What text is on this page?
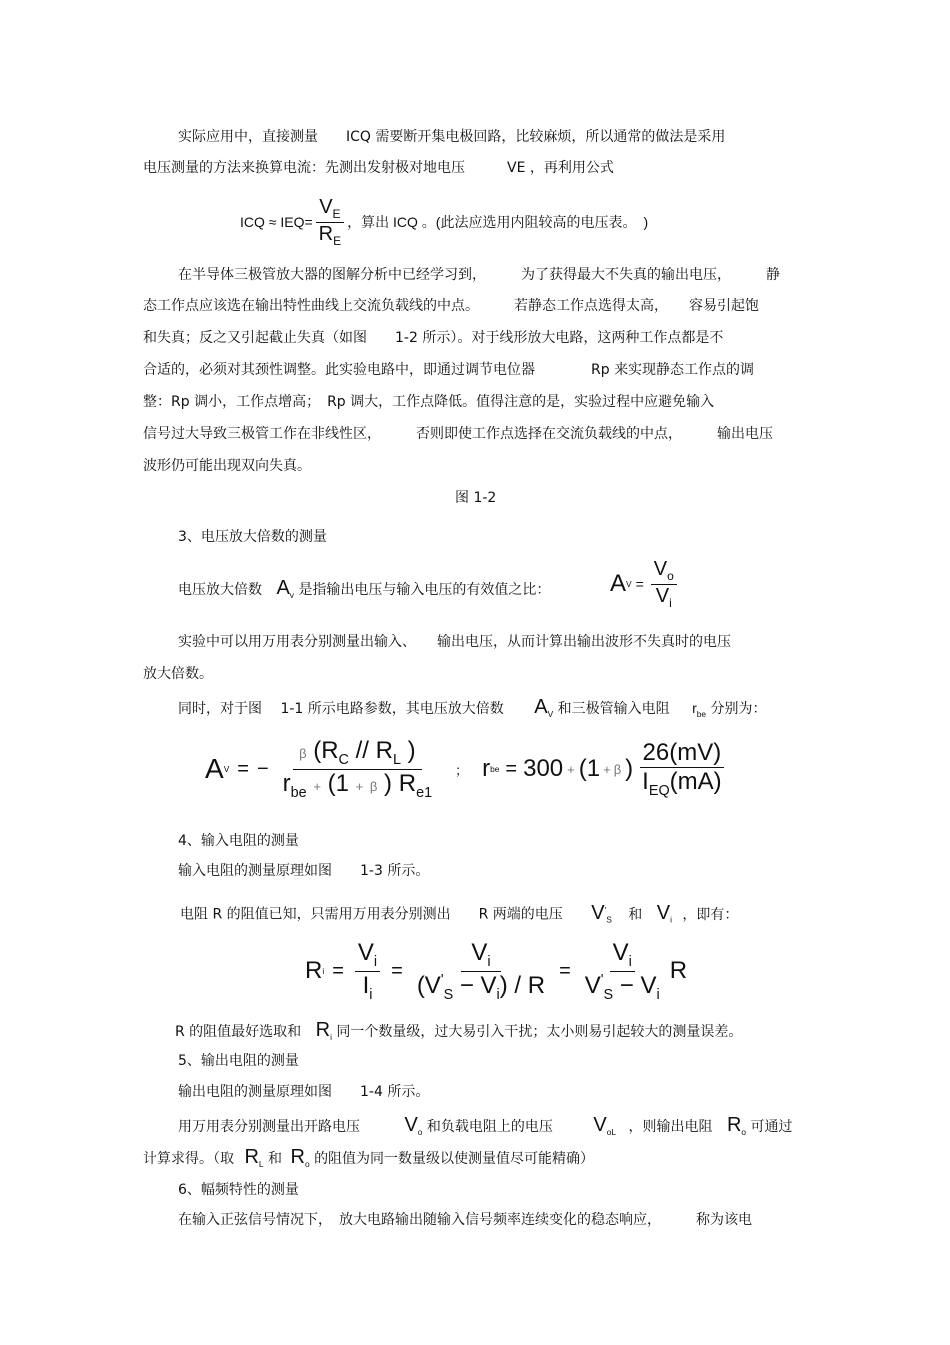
实际应用中，直接测量　　ICQ 需要断开集电极回路，比较麻烦，所以通常的做法是采用
电压测量的方法来换算电流：先测出发射极对地电压　　　VE ，再利用公式
ICQ ≈ $IEQ= \frac{V_E}{R_E}$ ，算出 ICQ 。(此法应选用内阻较高的电压表。　)
在半导体三极管放大器的图解分析中已经学习到，　　　为了获得最大不失真的输出电压，　　　静
态工作点应该选在输出特性曲线上交流负载线的中点。　　　若静态工作点选得太高，　　容易引起饱
和失真；反之又引起截止失真（如图　　1-2 所示）。对于线形放大电路，这两种工作点都是不
合适的，必须对其颈性调整。此实验电路中，即通过调节电位器　　　　Rp 来实现静态工作点的调
整：Rp 调小，工作点增高；　Rp 调大，工作点降低。值得注意的是，实验过程中应避免输入
信号过大导致三极管工作在非线性区，　　　否则即使工作点选择在交流负载线的中点，　　　输出电压
波形仍可能出现双向失真。
图 1-2
3、电压放大倍数的测量
电压放大倍数 $A_v$ 是指输出电压与输入电压的有效值之比： A $V = \frac{V_o}{V_i}$
实验中可以用万用表分别测量出输入、　　输出电压，从而计算出输出波形不失真时的电压
放大倍数。
同时，对于图　 1-1 所示电路参数，其电压放大倍数 $A_V$ 和三极管输入电阻 $r_{be}$ 分别为：
A V = − $\frac{\beta (R_C // R_L )}{r_{be} + (1 + \beta ) R_{e1}}$ ； r be = 300 + (1 + β ) $\frac{26(mV)}{I_{EQ}(mA)}$
4、输入电阻的测量
输入电阻的测量原理如图　　1-3 所示。
电阻 R 的阻值已知，只需用万用表分别测出　　R 两端的电压 $V'_S$ 和 $V_i$ ，即有：
R $i = \frac{V_i}{I_i} = \frac{V_i}{(V'_S - V_i) / R} = \frac{V_i}{V'_S - V_i}$ R
R 的阻值最好选取和 $R_i$ 同一个数量级，过大易引入干扰；太小则易引起较大的测量误差。
5、输出电阻的测量
输出电阻的测量原理如图　　1-4 所示。
用万用表分别测量出开路电压 $V_o$ 和负载电阻上的电压 $V_{oL}$ ，则输出电阻 $R_o$ 可通过
计算求得。（取 $R_L$ 和 $R_o$ 的阻值为同一数量级以使测量值尽可能精确）
6、幅频特性的测量
在输入正弦信号情况下，　放大电路输出随输入信号频率连续变化的稳态响应，　　　称为该电
